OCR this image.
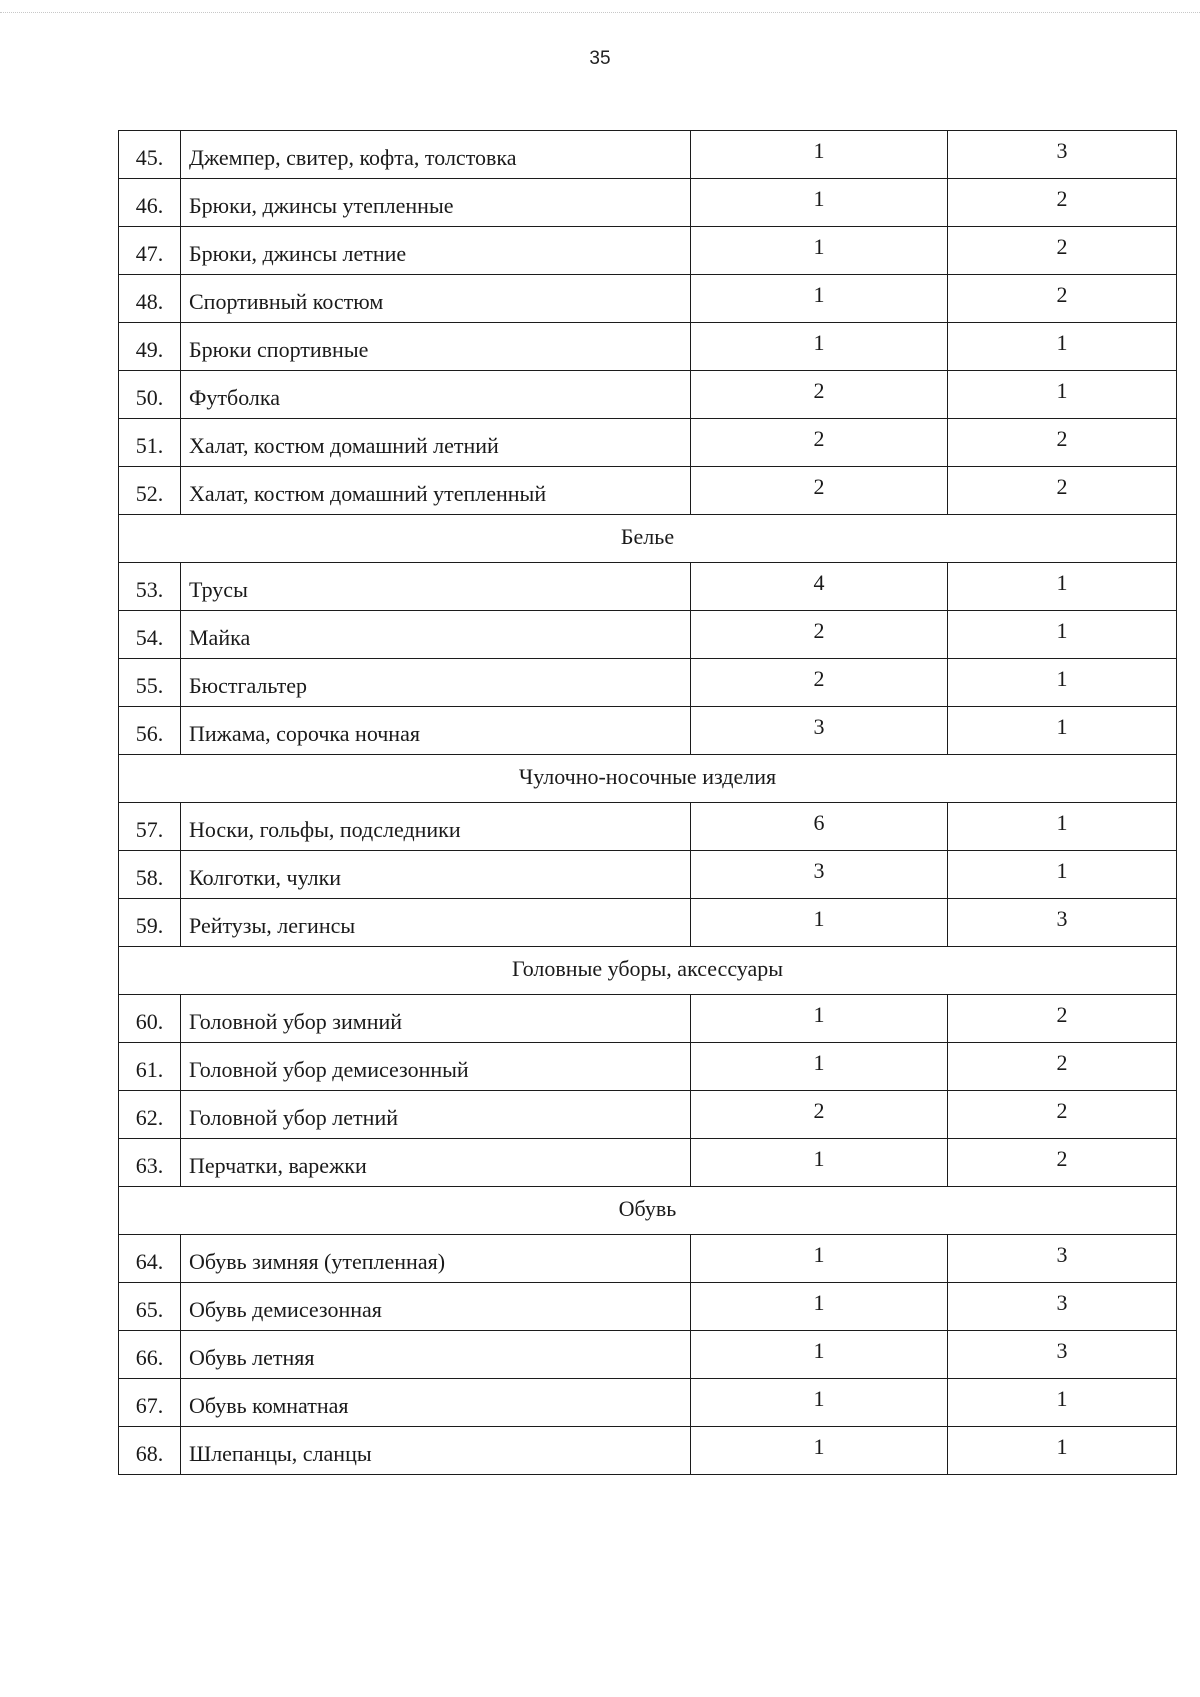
35
45.	Джемпер, свитер, кофта, толстовка	1	3
46.	Брюки, джинсы утепленные	1	2
47.	Брюки, джинсы летние	1	2
48.	Спортивный костюм	1	2
49.	Брюки спортивные	1	1
50.	Футболка	2	1
51.	Халат, костюм домашний летний	2	2
52.	Халат, костюм домашний утепленный	2	2
Белье			
53.	Трусы	4	1
54.	Майка	2	1
55.	Бюстгальтер	2	1
56.	Пижама, сорочка ночная	3	1
Чулочно-носочные изделия			
57.	Носки, гольфы, подследники	6	1
58.	Колготки, чулки	3	1
59.	Рейтузы, легинсы	1	3
Головные уборы, аксессуары			
60.	Головной убор зимний	1	2
61.	Головной убор демисезонный	1	2
62.	Головной убор летний	2	2
63.	Перчатки, варежки	1	2
Обувь			
64.	Обувь зимняя (утепленная)	1	3
65.	Обувь демисезонная	1	3
66.	Обувь летняя	1	3
67.	Обувь комнатная	1	1
68.	Шлепанцы, сланцы	1	1
